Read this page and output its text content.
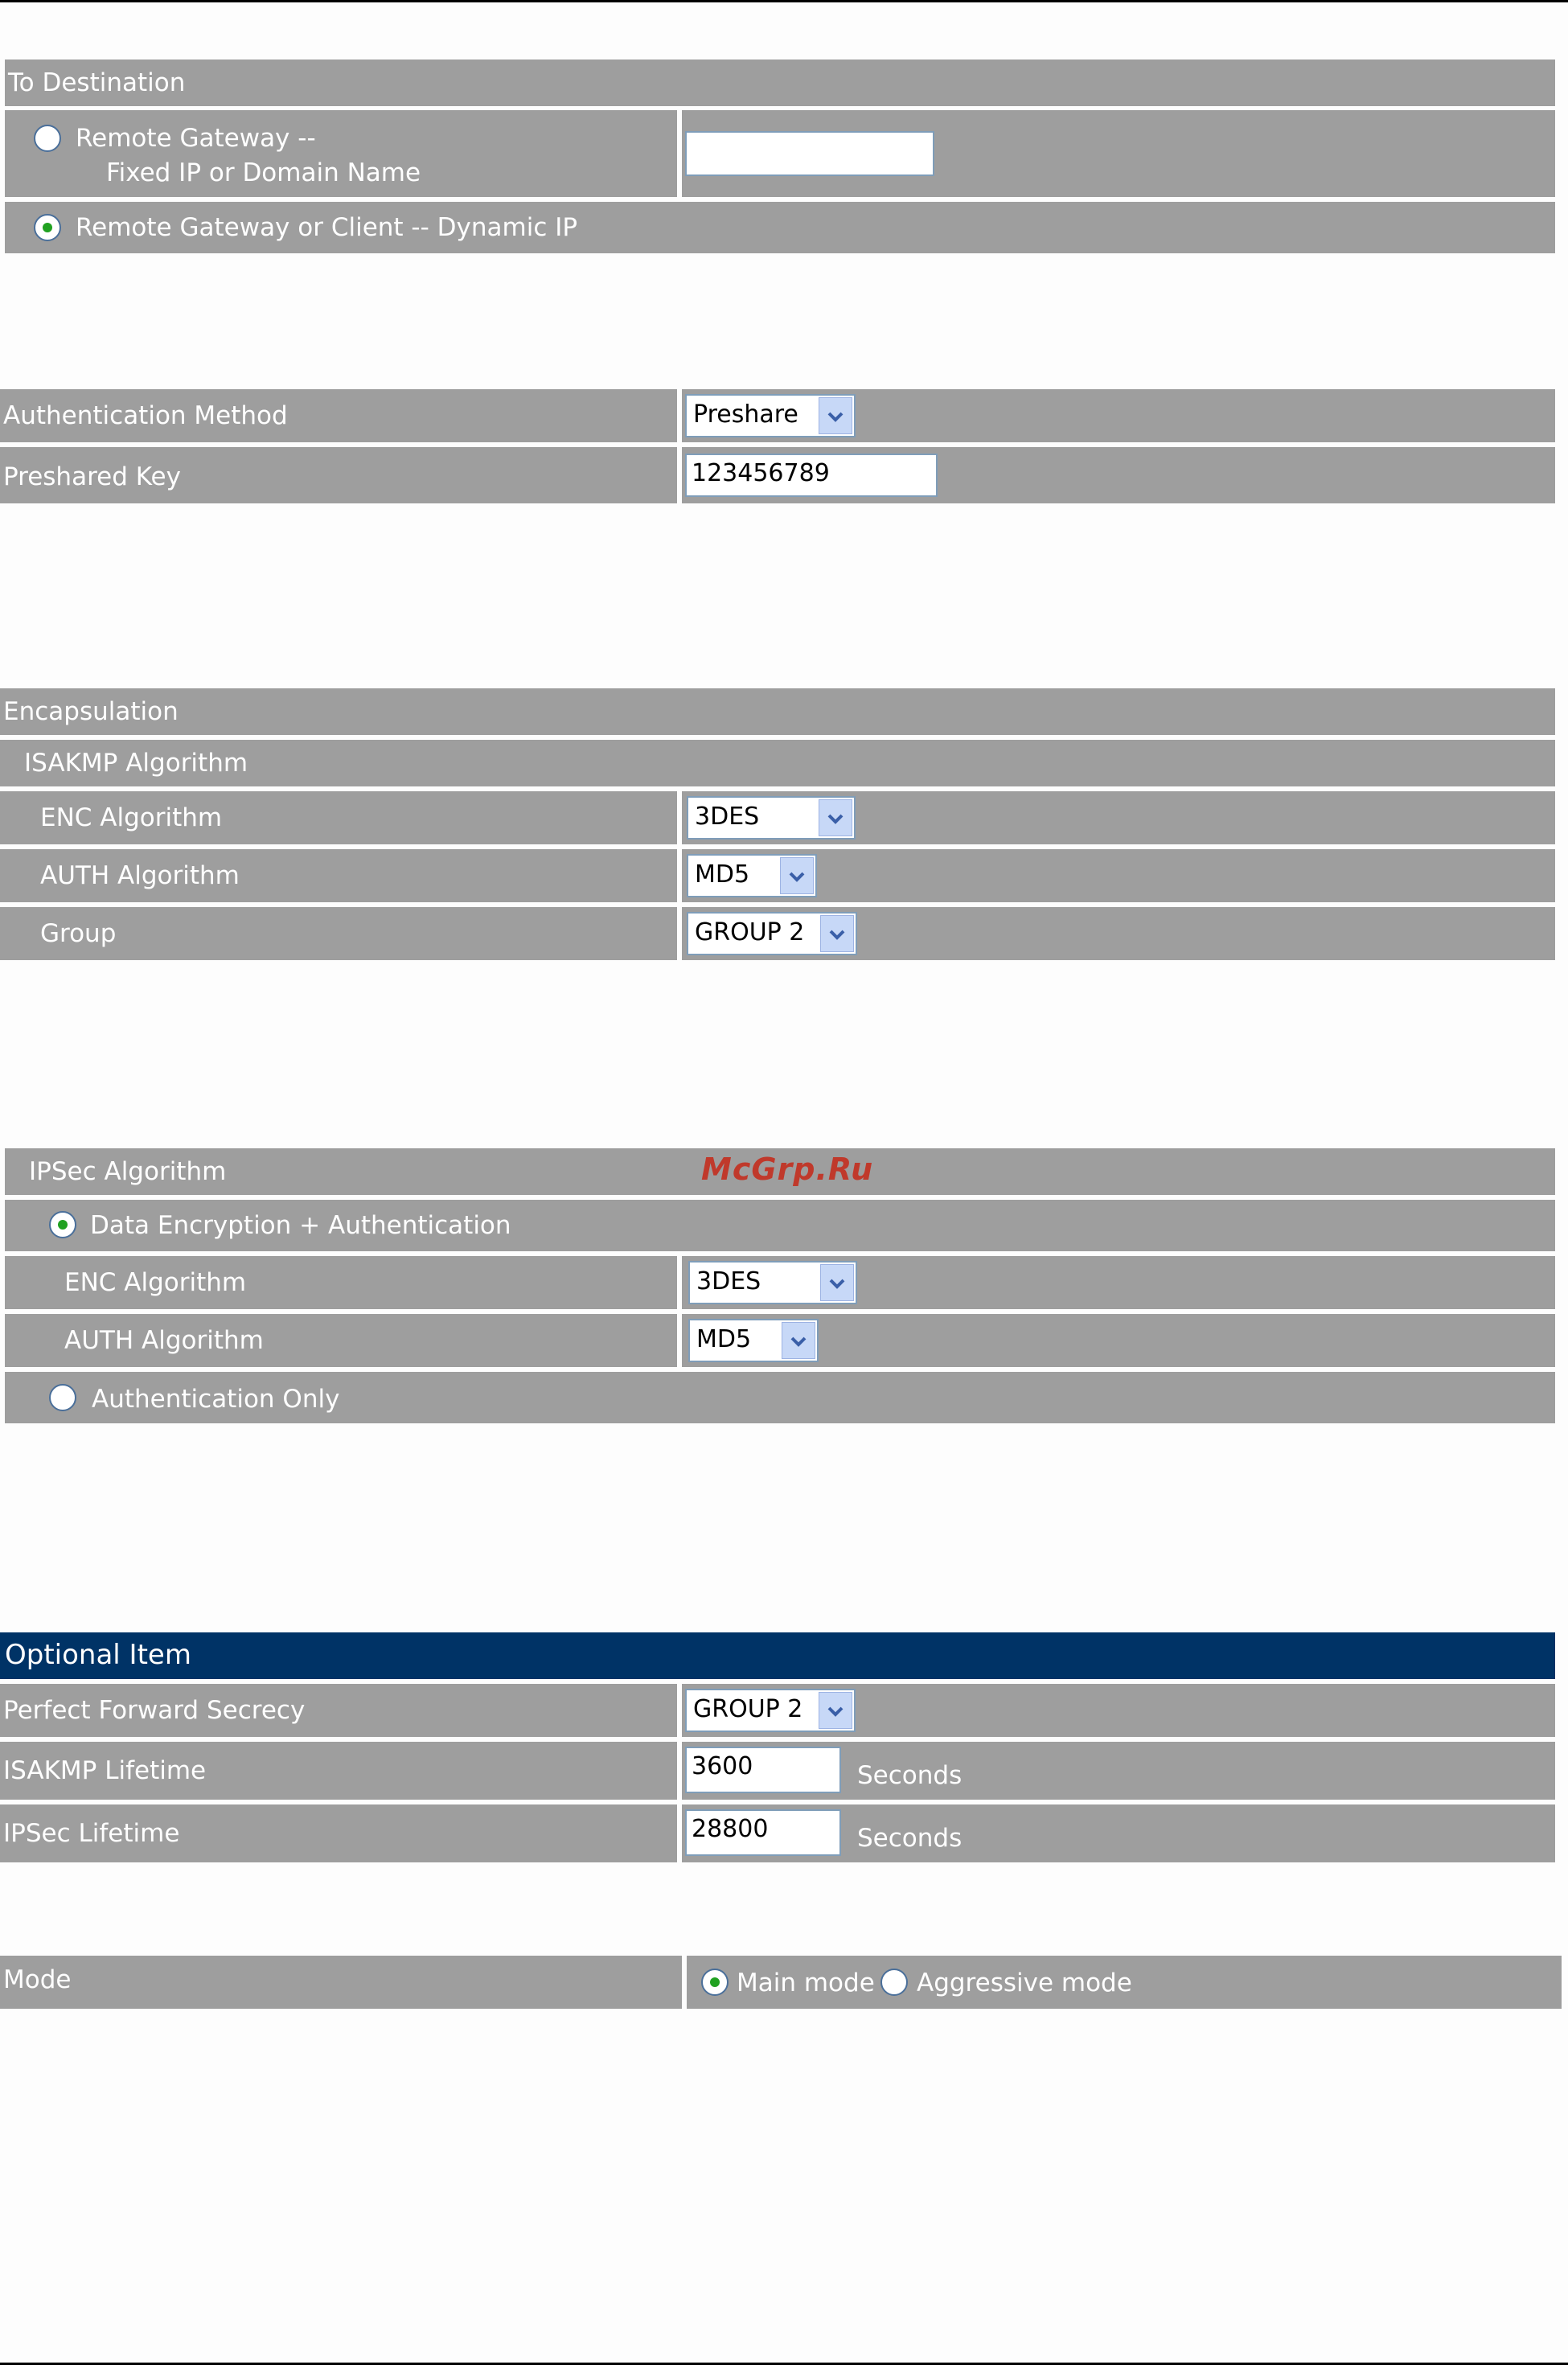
To Destination
Remote Gateway --
Fixed IP or Domain Name
Remote Gateway or Client -- Dynamic IP
Authentication Method	Preshare
Preshared Key	123456789
Encapsulation
ISAKMP Algorithm
ENC Algorithm	3DES
AUTH Algorithm	MD5
Group	GROUP 2
IPSec Algorithm
Data Encryption + Authentication
ENC Algorithm	3DES
AUTH Algorithm	MD5
Authentication Only
McGrp.Ru
Optional Item
Perfect Forward Secrecy	GROUP 2
ISAKMP Lifetime	3600	Seconds
IPSec Lifetime	28800	Seconds
Mode	Main mode Aggressive mode
